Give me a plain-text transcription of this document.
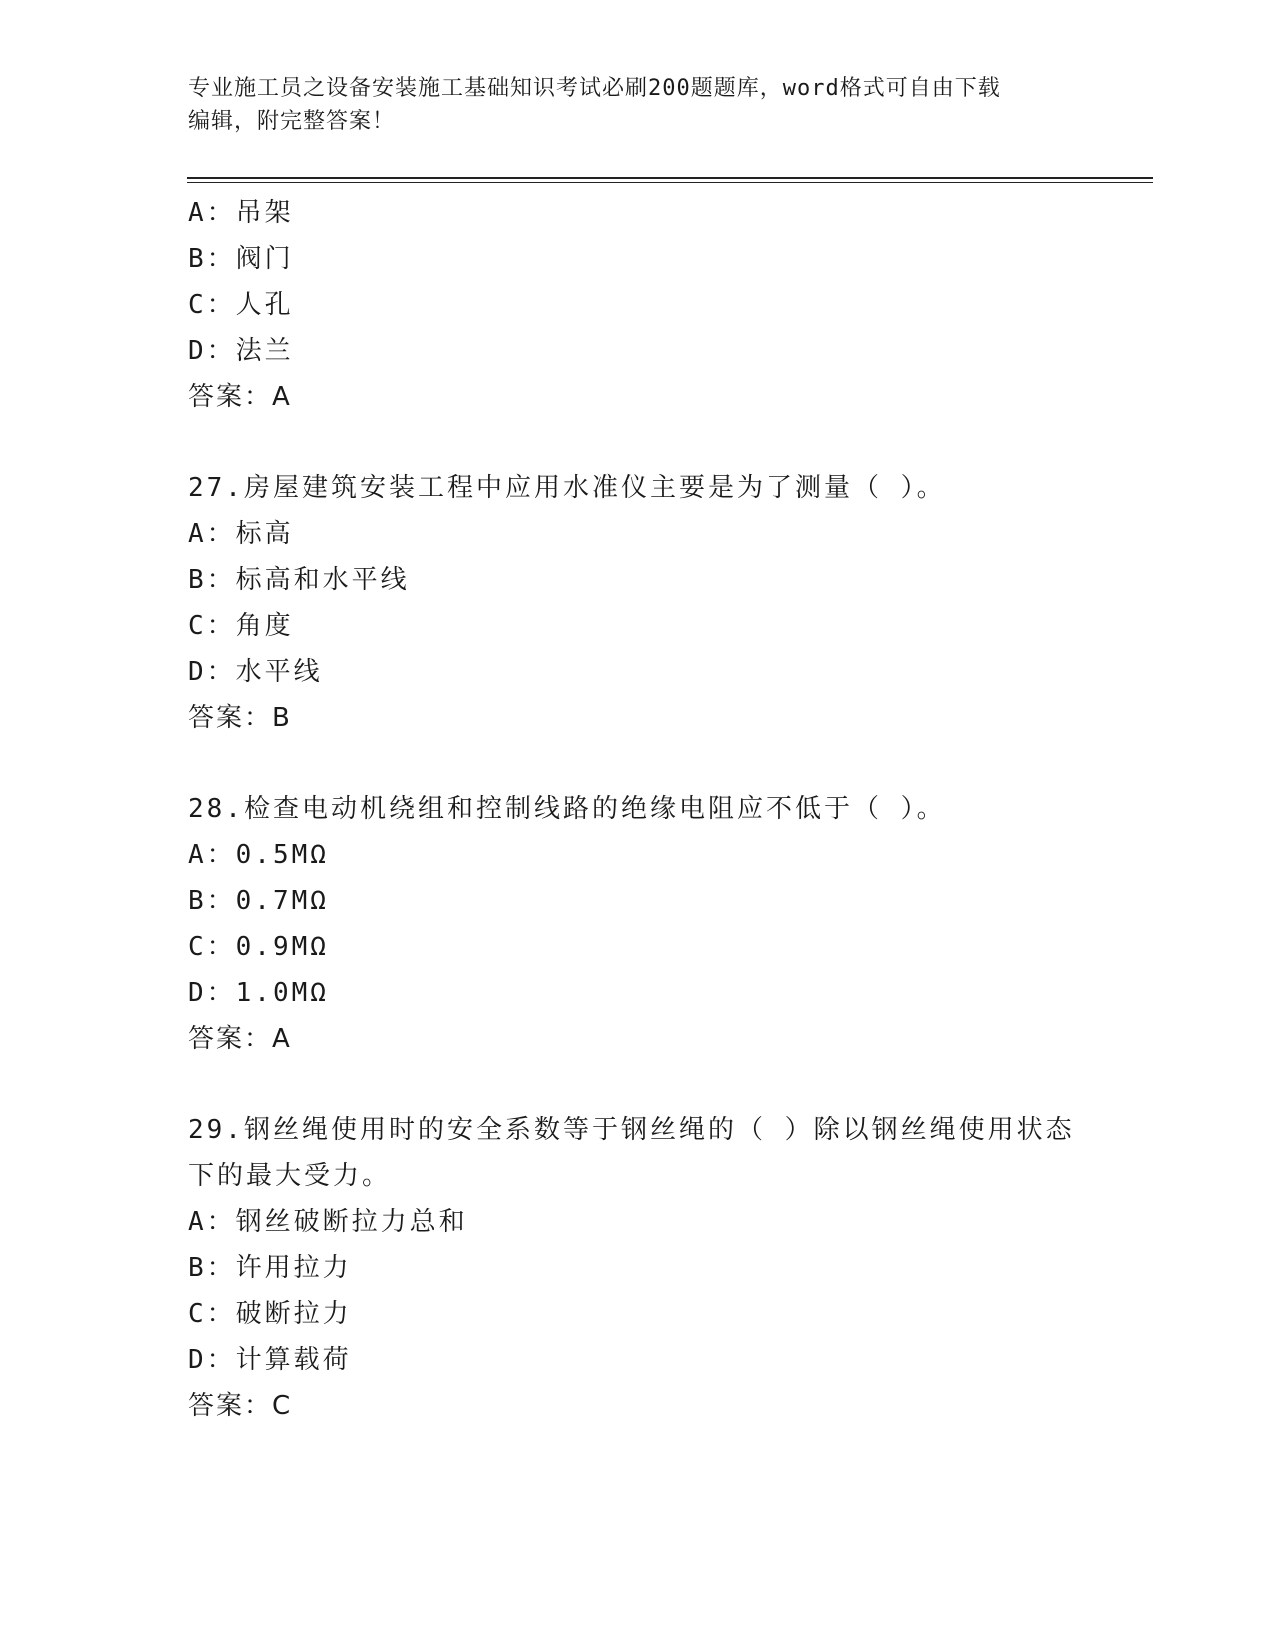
专业施工员之设备安装施工基础知识考试必刷200题题库，word格式可自由下载
编辑，附完整答案！
A：吊架
B：阀门
C：人孔
D：法兰
答案：A
27.房屋建筑安装工程中应用水准仪主要是为了测量（ ）。
A：标高
B：标高和水平线
C：角度
D：水平线
答案：B
28.检查电动机绕组和控制线路的绝缘电阻应不低于（ ）。
A：0.5MΩ
B：0.7MΩ
C：0.9MΩ
D：1.0MΩ
答案：A
29.钢丝绳使用时的安全系数等于钢丝绳的（ ）除以钢丝绳使用状态
下的最大受力。
A：钢丝破断拉力总和
B：许用拉力
C：破断拉力
D：计算载荷
答案：C
